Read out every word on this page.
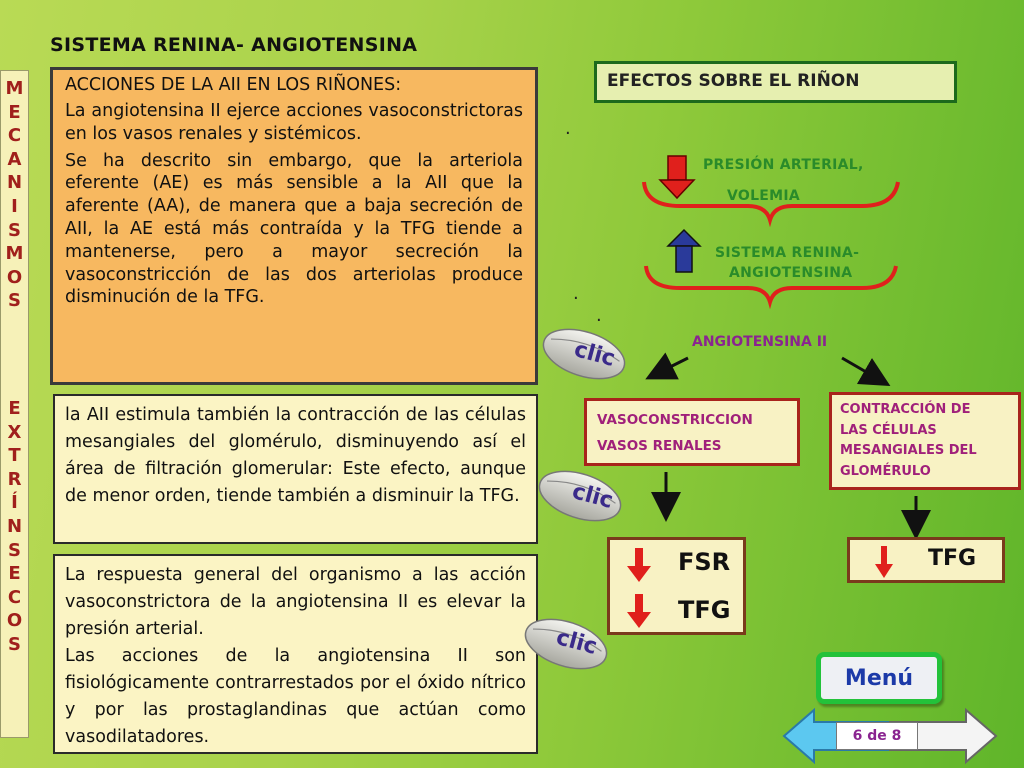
SISTEMA RENINA- ANGIOTENSINA
M
E
C
A
N
I
S
M
O
S
E
X
T
R
Í
N
S
E
C
O
S

ACCIONES DE LA AII EN LOS RIÑONES:

La angiotensina II ejerce acciones vasoconstrictoras en los vasos renales y sistémicos.

Se ha descrito sin embargo, que la arteriola eferente (AE) es más sensible a la AII que la aferente (AA), de manera que a baja secreción de AII, la AE está más contraída y la TFG tiende a mantenerse, pero a mayor secreción la vasoconstricción de las dos arteriolas produce disminución de la TFG.

la AII estimula también la contracción de las células mesangiales del glomérulo, disminuyendo así el área de filtración glomerular: Este efecto, aunque de menor orden, tiende también a disminuir la TFG.

La respuesta general del organismo a las acción vasoconstrictora de la angiotensina II es elevar la presión arterial.

Las acciones de la angiotensina II son fisiológicamente contrarrestados por el óxido nítrico y por las prostaglandinas que actúan como vasodilatadores.

clic
clic
clic
.
.
.
EFECTOS SOBRE EL RIÑON
PRESIÓN ARTERIAL,
VOLEMIA
SISTEMA RENINA-
ANGIOTENSINA
ANGIOTENSINA II
VASOCONSTRICCION
VASOS RENALES
CONTRACCIÓN DE
LAS CÉLULAS
MESANGIALES DEL
GLOMÉRULO
FSR
TFG
TFG
Menú
6 de 8
